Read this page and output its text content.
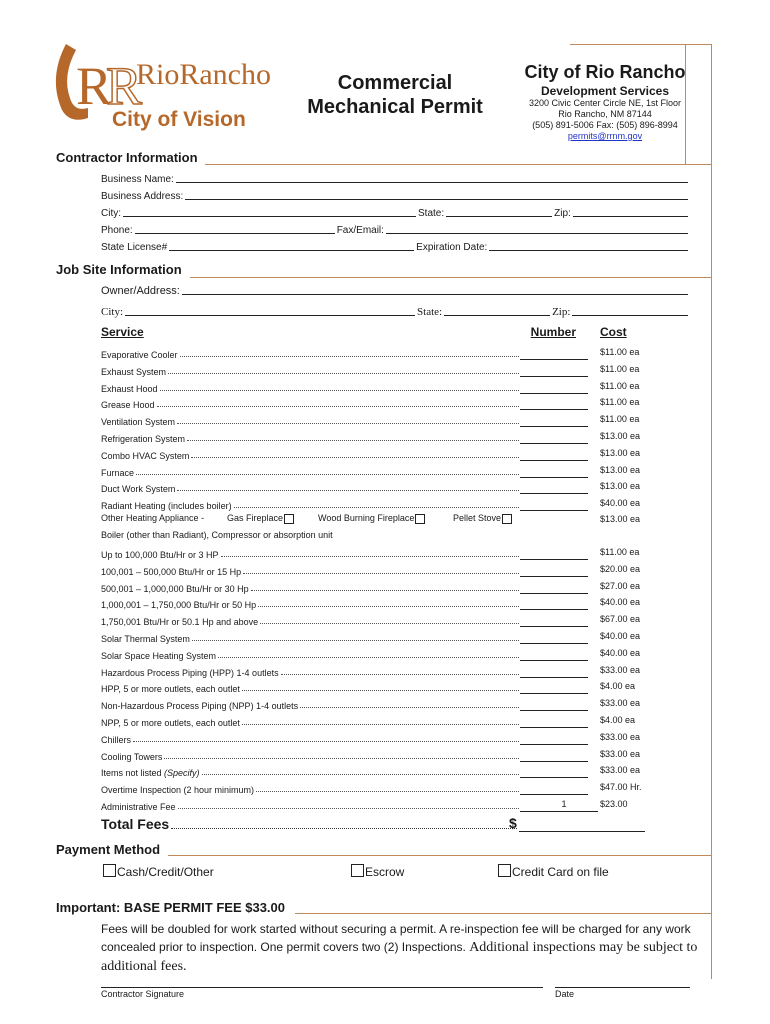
R
R
RioRancho
City of Vision
Commercial
Mechanical Permit
City of Rio Rancho
Development Services
3200 Civic Center Circle NE, 1st Floor
Rio Rancho, NM 87144
(505) 891-5006 Fax: (505) 896-8994
permits@rrnm.gov
Contractor Information
Business Name:
Business Address:
City:	State:	Zip:
Phone:	Fax/Email:
State License#	Expiration Date:
Job Site Information
Owner/Address:
City:	State:	Zip:
Service	Number Cost
Evaporative Cooler	$11.00 ea
Exhaust System	$11.00 ea
Exhaust Hood	$11.00 ea
Grease Hood	$11.00 ea
Ventilation System	$11.00 ea
Refrigeration System	$13.00 ea
Combo HVAC System	$13.00 ea
Furnace	$13.00 ea
Duct Work System	$13.00 ea
Radiant Heating (includes boiler)	$40.00 ea
Other Heating Appliance -	Gas Fireplace	Wood Burning Fireplace	Pellet Stove	$13.00 ea
Boiler (other than Radiant), Compressor or absorption unit
Up to 100,000 Btu/Hr or 3 HP	$11.00 ea
100,001 – 500,000 Btu/Hr or 15 Hp	$20.00 ea
500,001 – 1,000,000 Btu/Hr or 30 Hp	$27.00 ea
1,000,001 – 1,750,000 Btu/Hr or 50 Hp	$40.00 ea
1,750,001 Btu/Hr or 50.1 Hp and above	$67.00 ea
Solar Thermal System	$40.00 ea
Solar Space Heating System	$40.00 ea
Hazardous Process Piping (HPP) 1-4 outlets	$33.00 ea
HPP, 5 or more outlets, each outlet	$4.00 ea
Non-Hazardous Process Piping (NPP) 1-4 outlets	$33.00 ea
NPP, 5 or more outlets, each outlet	$4.00 ea
Chillers	$33.00 ea
Cooling Towers	$33.00 ea
Items not listed (Specify)	$33.00 ea
Overtime Inspection (2 hour minimum)	$47.00 Hr.
Administrative Fee	1	$23.00
Total Fees	$
Payment Method
Cash/Credit/Other	Escrow	Credit Card on file
Important: BASE PERMIT FEE $33.00
Fees will be doubled for work started without securing a permit. A re-inspection fee will be charged for any work concealed prior to inspection. One permit covers two (2) Inspections. Additional inspections may be subject to additional fees.
Contractor Signature	Date
